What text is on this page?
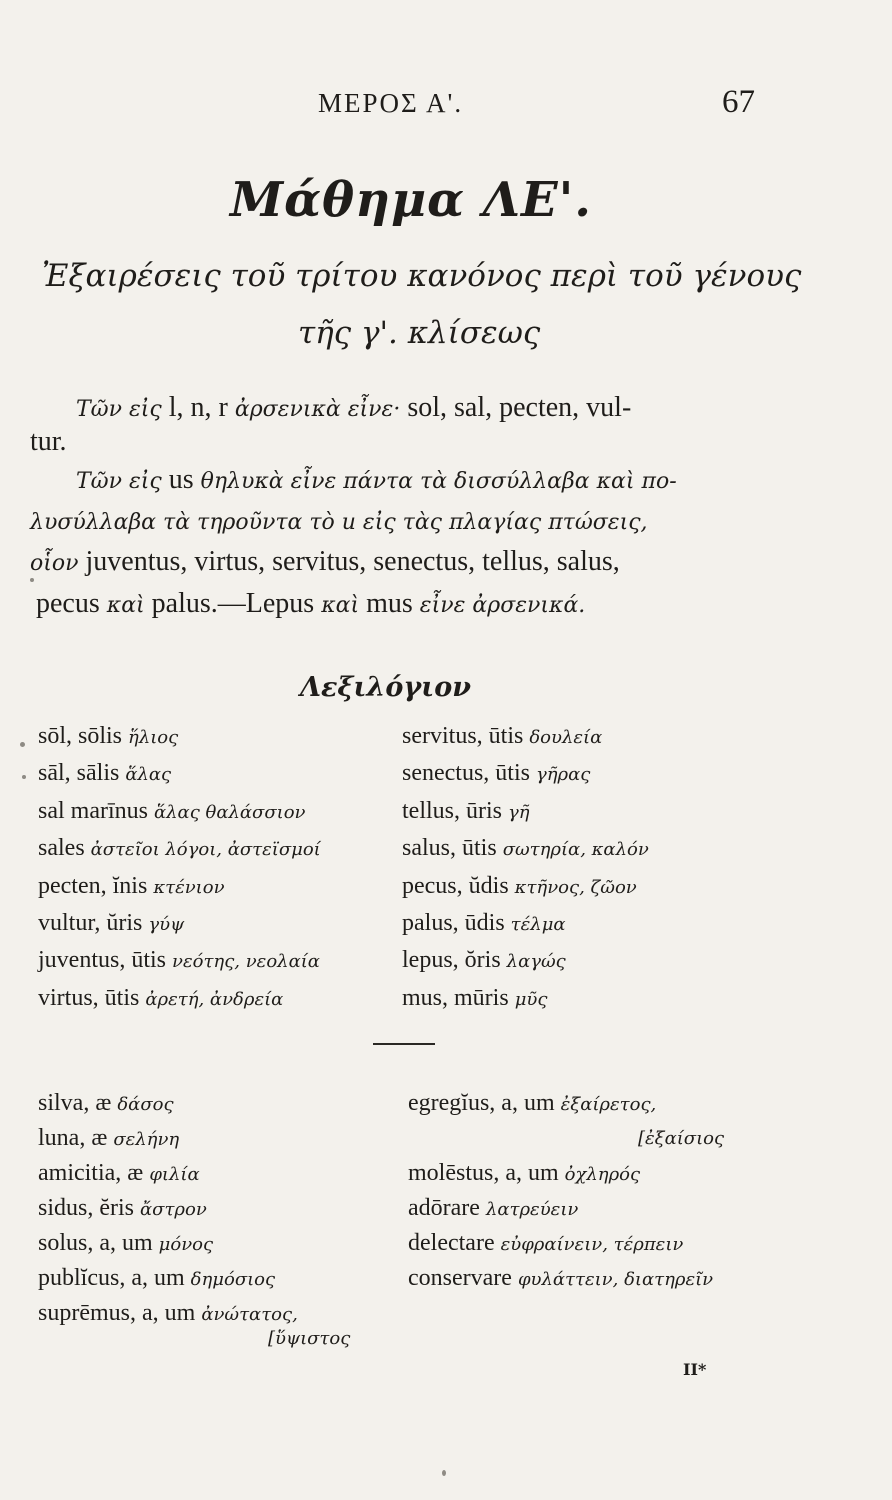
ΜΕΡΟΣ Α'.	67
Μάθημα ΛΕ'.
Ἐξαιρέσεις τοῦ τρίτου κανόνος περὶ τοῦ γένους
τῆς γ'. κλίσεως
Τῶν εἰς l, n, r ἀρσενικὰ εἶνε· sol, sal, pecten, vul-
tur.
Τῶν εἰς us θηλυκὰ εἶνε πάντα τὰ δισσύλλαβα καὶ πο-
λυσύλλαβα τὰ τηροῦντα τὸ u εἰς τὰς πλαγίας πτώσεις,
οἷον juventus, virtus, servitus, senectus, tellus, salus,
pecus καὶ palus.—Lepus καὶ mus εἶνε ἀρσενικά.
Λεξιλόγιον
sōl, sōlis ἥλιος
sāl, sālis ἅλας
sal marīnus ἅλας θαλάσσιον
sales ἀστεῖοι λόγοι, ἀστεϊσμοί
pecten, ĭnis κτένιον
vultur, ŭris γύψ
juventus, ūtis νεότης, νεολαία
virtus, ūtis ἀρετή, ἀνδρεία
servitus, ūtis δουλεία
senectus, ūtis γῆρας
tellus, ūris γῆ
salus, ūtis σωτηρία, καλόν
pecus, ŭdis κτῆνος, ζῶον
palus, ūdis τέλμα
lepus, ŏris λαγώς
mus, mūris μῦς
silva, æ δάσος
luna, æ σελήνη
amicitia, æ φιλία
sidus, ĕris ἄστρον
solus, a, um μόνος
publĭcus, a, um δημόσιος
suprēmus, a, um ἀνώτατος,
[ὕψιστος
egregĭus, a, um ἐξαίρετος,
molēstus, a, um ὀχληρός
adōrare λατρεύειν
delectare εὐφραίνειν, τέρπειν
conservare φυλάττειν, διατηρεῖν
[ἐξαίσιος
ΙΙ*
